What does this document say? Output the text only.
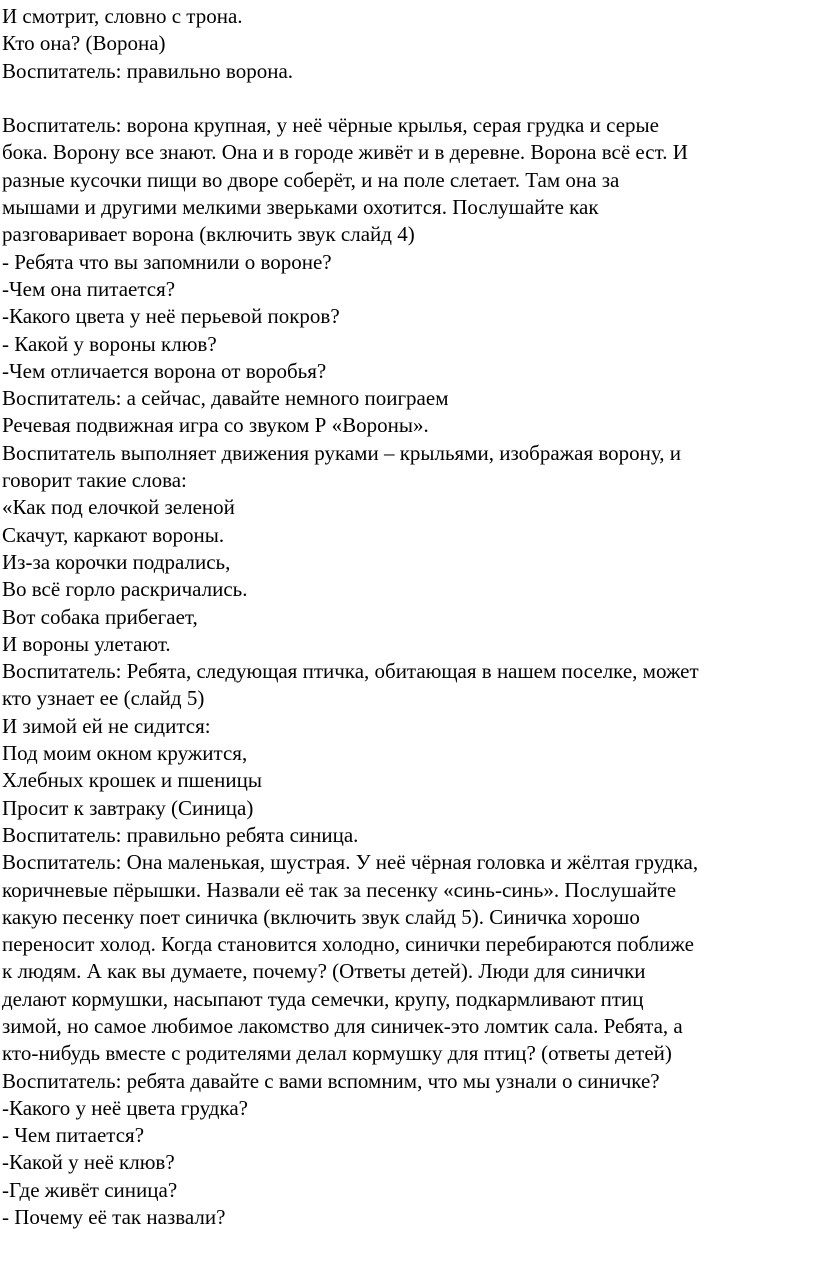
И смотрит, словно с трона.
Кто она? (Ворона)
Воспитатель: правильно ворона.
Воспитатель: ворона крупная, у неё чёрные крылья, серая грудка и серые
бока. Ворону все знают. Она и в городе живёт и в деревне. Ворона всё ест. И
разные кусочки пищи во дворе соберёт, и на поле слетает. Там она за
мышами и другими мелкими зверьками охотится. Послушайте как
разговаривает ворона (включить звук слайд 4)
- Ребята что вы запомнили о вороне?
-Чем она питается?
-Какого цвета у неё перьевой покров?
- Какой у вороны клюв?
-Чем отличается ворона от воробья?
Воспитатель: а сейчас, давайте немного поиграем
Речевая подвижная игра со звуком Р «Вороны».
Воспитатель выполняет движения руками – крыльями, изображая ворону, и
говорит такие слова:
«Как под елочкой зеленой
Скачут, каркают вороны.
Из-за корочки подрались,
Во всё горло раскричались.
Вот собака прибегает,
И вороны улетают.
Воспитатель: Ребята, следующая птичка, обитающая в нашем поселке, может
кто узнает ее (слайд 5)
И зимой ей не сидится:
Под моим окном кружится,
Хлебных крошек и пшеницы
Просит к завтраку (Синица)
Воспитатель: правильно ребята синица.
Воспитатель: Она маленькая, шустрая. У неё чёрная головка и жёлтая грудка,
коричневые пёрышки. Назвали её так за песенку «синь-синь». Послушайте
какую песенку поет синичка (включить звук слайд 5). Синичка хорошо
переносит холод. Когда становится холодно, синички перебираются поближе
к людям. А как вы думаете, почему? (Ответы детей). Люди для синички
делают кормушки, насыпают туда семечки, крупу, подкармливают птиц
зимой, но самое любимое лакомство для синичек-это ломтик сала. Ребята, а
кто-нибудь вместе с родителями делал кормушку для птиц? (ответы детей)
Воспитатель: ребята давайте с вами вспомним, что мы узнали о синичке?
-Какого у неё цвета грудка?
- Чем питается?
-Какой у неё клюв?
-Где живёт синица?
- Почему её так назвали?
